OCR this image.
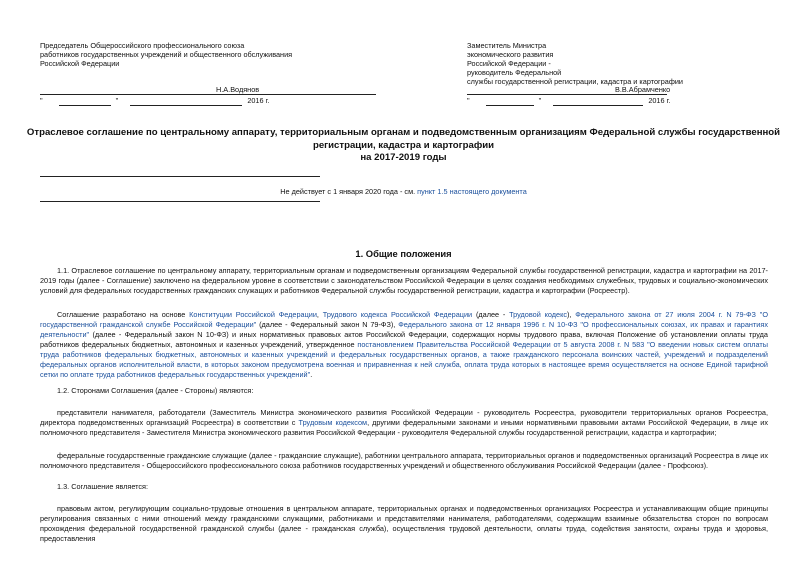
Председатель Общероссийского профессионального союза
работников государственных учреждений и общественного обслуживания
Российской Федерации
Н.А.Водянов
"	"	2016 г.
Заместитель Министра
экономического развития
Российской Федерации -
руководитель Федеральной
службы государственной регистрации, кадастра и картографии
В.В.Абрамченко
"	"	2016 г.
Отраслевое соглашение по центральному аппарату, территориальным органам и подведомственным организациям Федеральной службы государственной
регистрации, кадастра и картографии
на 2017-2019 годы
Не действует с 1 января 2020 года - см. пункт 1.5 настоящего документа
1. Общие положения

1.1. Отраслевое соглашение по центральному аппарату, территориальным органам и подведомственным организациям Федеральной службы государственной регистрации, кадастра и картографии на 2017-2019 годы (далее - Соглашение) заключено на федеральном уровне в соответствии с законодательством Российской Федерации в целях создания необходимых служебных, трудовых и социально-экономических условий для федеральных государственных гражданских служащих и работников Федеральной службы государственной регистрации, кадастра и картографии (Росреестр).

Соглашение разработано на основе Конституции Российской Федерации, Трудового кодекса Российской Федерации (далее - Трудовой кодекс), Федерального закона от 27 июля 2004 г. N 79-ФЗ "О государственной гражданской службе Российской Федерации" (далее - Федеральный закон N 79-ФЗ), Федерального закона от 12 января 1996 г. N 10-ФЗ "О профессиональных союзах, их правах и гарантиях деятельности" (далее - Федеральный закон N 10-ФЗ) и иных нормативных правовых актов Российской Федерации, содержащих нормы трудового права, включая Положение об установлении оплаты труда работников федеральных бюджетных, автономных и казенных учреждений, утвержденное постановлением Правительства Российской Федерации от 5 августа 2008 г. N 583 "О введении новых систем оплаты труда работников федеральных бюджетных, автономных и казенных учреждений и федеральных государственных органов, а также гражданского персонала воинских частей, учреждений и подразделений федеральных органов исполнительной власти, в которых законом предусмотрена военная и приравненная к ней служба, оплата труда которых в настоящее время осуществляется на основе Единой тарифной сетки по оплате труда работников федеральных государственных учреждений".

1.2. Сторонами Соглашения (далее - Стороны) являются:

представители нанимателя, работодатели (Заместитель Министра экономического развития Российской Федерации - руководитель Росреестра, руководители территориальных органов Росреестра, директора подведомственных организаций Росреестра) в соответствии с Трудовым кодексом, другими федеральными законами и иными нормативными правовыми актами Российской Федерации, в лице их полномочного представителя - Заместителя Министра экономического развития Российской Федерации - руководителя Федеральной службы государственной регистрации, кадастра и картографии;

федеральные государственные гражданские служащие (далее - гражданские служащие), работники центрального аппарата, территориальных органов и подведомственных организаций Росреестра в лице их полномочного представителя - Общероссийского профессионального союза работников государственных учреждений и общественного обслуживания Российской Федерации (далее - Профсоюз).

1.3. Соглашение является:

правовым актом, регулирующим социально-трудовые отношения в центральном аппарате, территориальных органах и подведомственных организациях Росреестра и устанавливающим общие принципы регулирования связанных с ними отношений между гражданскими служащими, работниками и представителями нанимателя, работодателями, содержащим взаимные обязательства сторон по вопросам прохождения федеральной государственной гражданской службы (далее - гражданская служба), осуществления трудовой деятельности, оплаты труда, содействия занятости, охраны труда и здоровья, предоставления
